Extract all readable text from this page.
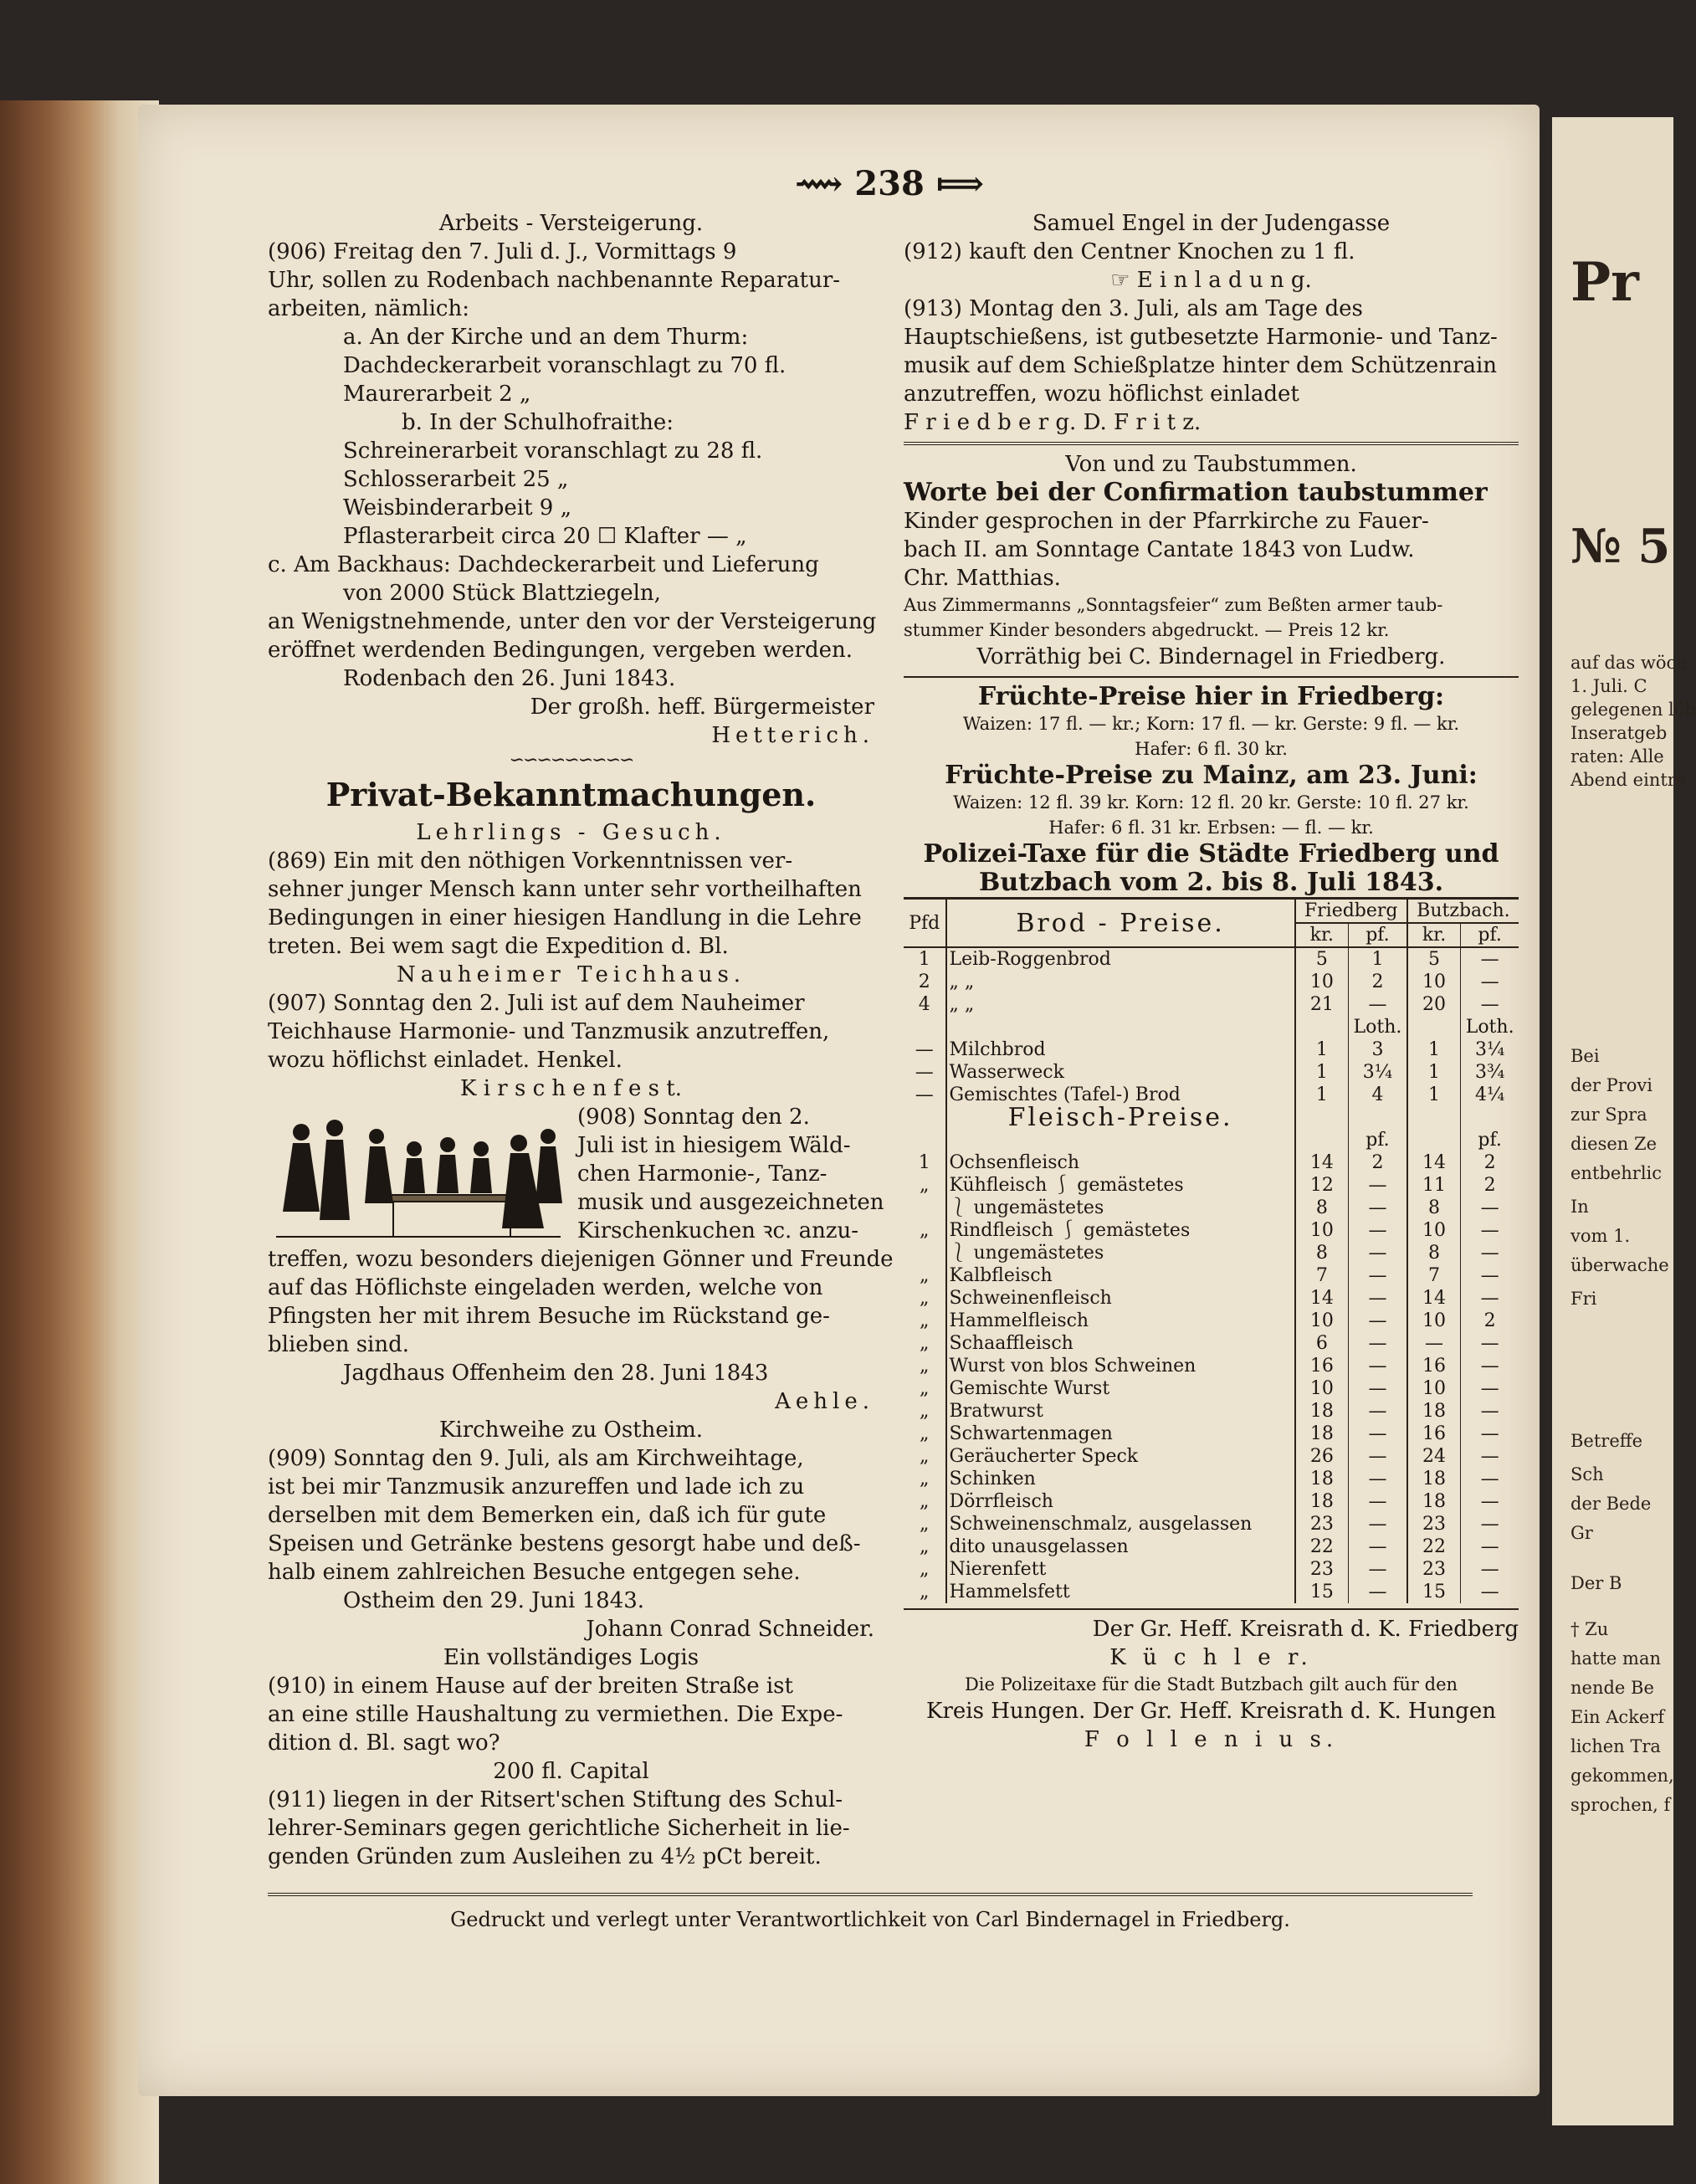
Pr
№ 5
auf das wöch
1. Juli. C
gelegenen löb
Inseratgeb
raten: Alle
Abend eintre
Bei
der Provi
zur Spra
diesen Ze
entbehrlic
In
vom 1.
überwache
Fri
Betreffe
Sch
der Bede
Gr
Der B
† Zu
hatte man
nende Be
Ein Ackerf
lichen Tra
gekommen,
sprochen, f
⟿ 238 ⟾
Arbeits - Versteigerung.
(906) Freitag den 7. Juli d. J., Vormittags 9
Uhr, sollen zu Rodenbach nachbenannte Reparatur-
arbeiten, nämlich:
a. An der Kirche und an dem Thurm:
Dachdeckerarbeit voranschlagt zu 70 fl.
Maurerarbeit 2 „
b. In der Schulhofraithe:
Schreinerarbeit voranschlagt zu 28 fl.
Schlosserarbeit 25 „
Weisbinderarbeit 9 „
Pflasterarbeit circa 20 ☐ Klafter — „
c. Am Backhaus: Dachdeckerarbeit und Lieferung
von 2000 Stück Blattziegeln,
an Wenigstnehmende, unter den vor der Versteigerung
eröffnet werdenden Bedingungen, vergeben werden.
Rodenbach den 26. Juni 1843.
Der großh. heff. Bürgermeister
Hetterich.
∽∽∽∽∽∽∽∽∽
Privat-Bekanntmachungen.
Lehrlings - Gesuch.
(869) Ein mit den nöthigen Vorkenntnissen ver-
sehner junger Mensch kann unter sehr vortheilhaften
Bedingungen in einer hiesigen Handlung in die Lehre
treten. Bei wem sagt die Expedition d. Bl.
Nauheimer Teichhaus.
(907) Sonntag den 2. Juli ist auf dem Nauheimer
Teichhause Harmonie- und Tanzmusik anzutreffen,
wozu höflichst einladet. Henkel.
K i r s c h e n f e s t.
(908) Sonntag den 2.
Juli ist in hiesigem Wäld-
chen Harmonie-, Tanz-
musik und ausgezeichneten
Kirschenkuchen ꝛc. anzu-
treffen, wozu besonders diejenigen Gönner und Freunde
auf das Höflichste eingeladen werden, welche von
Pfingsten her mit ihrem Besuche im Rückstand ge-
blieben sind.
Jagdhaus Offenheim den 28. Juni 1843
Aehle.
Kirchweihe zu Ostheim.
(909) Sonntag den 9. Juli, als am Kirchweihtage,
ist bei mir Tanzmusik anzureffen und lade ich zu
derselben mit dem Bemerken ein, daß ich für gute
Speisen und Getränke bestens gesorgt habe und deß-
halb einem zahlreichen Besuche entgegen sehe.
Ostheim den 29. Juni 1843.
Johann Conrad Schneider.
Ein vollständiges Logis
(910) in einem Hause auf der breiten Straße ist
an eine stille Haushaltung zu vermiethen. Die Expe-
dition d. Bl. sagt wo?
200 fl. Capital
(911) liegen in der Ritsert'schen Stiftung des Schul-
lehrer-Seminars gegen gerichtliche Sicherheit in lie-
genden Gründen zum Ausleihen zu 4½ pCt bereit.
Samuel Engel in der Judengasse
(912) kauft den Centner Knochen zu 1 fl.
☞ E i n l a d u n g.
(913) Montag den 3. Juli, als am Tage des
Hauptschießens, ist gutbesetzte Harmonie- und Tanz-
musik auf dem Schießplatze hinter dem Schützenrain
anzutreffen, wozu höflichst einladet
F r i e d b e r g. D. F r i t z.
Von und zu Taubstummen.
Worte bei der Confirmation taubstummer
Kinder gesprochen in der Pfarrkirche zu Fauer-
bach II. am Sonntage Cantate 1843 von Ludw.
Chr. Matthias.
Aus Zimmermanns „Sonntagsfeier“ zum Beßten armer taub-
stummer Kinder besonders abgedruckt. — Preis 12 kr.
Vorräthig bei C. Bindernagel in Friedberg.
Früchte-Preise hier in Friedberg:
Waizen: 17 fl. — kr.; Korn: 17 fl. — kr. Gerste: 9 fl. — kr.
Hafer: 6 fl. 30 kr.
Früchte-Preise zu Mainz, am 23. Juni:
Waizen: 12 fl. 39 kr. Korn: 12 fl. 20 kr. Gerste: 10 fl. 27 kr.
Hafer: 6 fl. 31 kr. Erbsen: — fl. — kr.
Polizei-Taxe für die Städte Friedberg und
Butzbach vom 2. bis 8. Juli 1843.
Pfd	Brod - Preise.	Friedberg		Butzbach.	
		kr.	pf.	kr.	pf.
1	Leib-Roggenbrod	5	1	5	—
2	„ „	10	2	10	—
4	„ „	21	—	20	—
			Loth.		Loth.
—	Milchbrod	1	3	1	3¼
—	Wasserweck	1	3¼	1	3¾
—	Gemischtes (Tafel-) Brod	1	4	1	4¼
	Fleisch-Preise.				
			pf.		pf.
1	Ochsenfleisch	14	2	14	2
„	Kühfleisch ⎰ gemästetes	12	—	11	2
	⎱ ungemästetes	8	—	8	—
„	Rindfleisch ⎰ gemästetes	10	—	10	—
	⎱ ungemästetes	8	—	8	—
„	Kalbfleisch	7	—	7	—
„	Schweinenfleisch	14	—	14	—
„	Hammelfleisch	10	—	10	2
„	Schaaffleisch	6	—	—	—
„	Wurst von blos Schweinen	16	—	16	—
„	Gemischte Wurst	10	—	10	—
„	Bratwurst	18	—	18	—
„	Schwartenmagen	18	—	16	—
„	Geräucherter Speck	26	—	24	—
„	Schinken	18	—	18	—
„	Dörrfleisch	18	—	18	—
„	Schweinenschmalz, ausgelassen	23	—	23	—
„	dito unausgelassen	22	—	22	—
„	Nierenfett	23	—	23	—
„	Hammelsfett	15	—	15	—
Der Gr. Heff. Kreisrath d. K. Friedberg
K ü c h l e r.
Die Polizeitaxe für die Stadt Butzbach gilt auch für den
Kreis Hungen. Der Gr. Heff. Kreisrath d. K. Hungen
F o l l e n i u s.
Gedruckt und verlegt unter Verantwortlichkeit von Carl Bindernagel in Friedberg.
